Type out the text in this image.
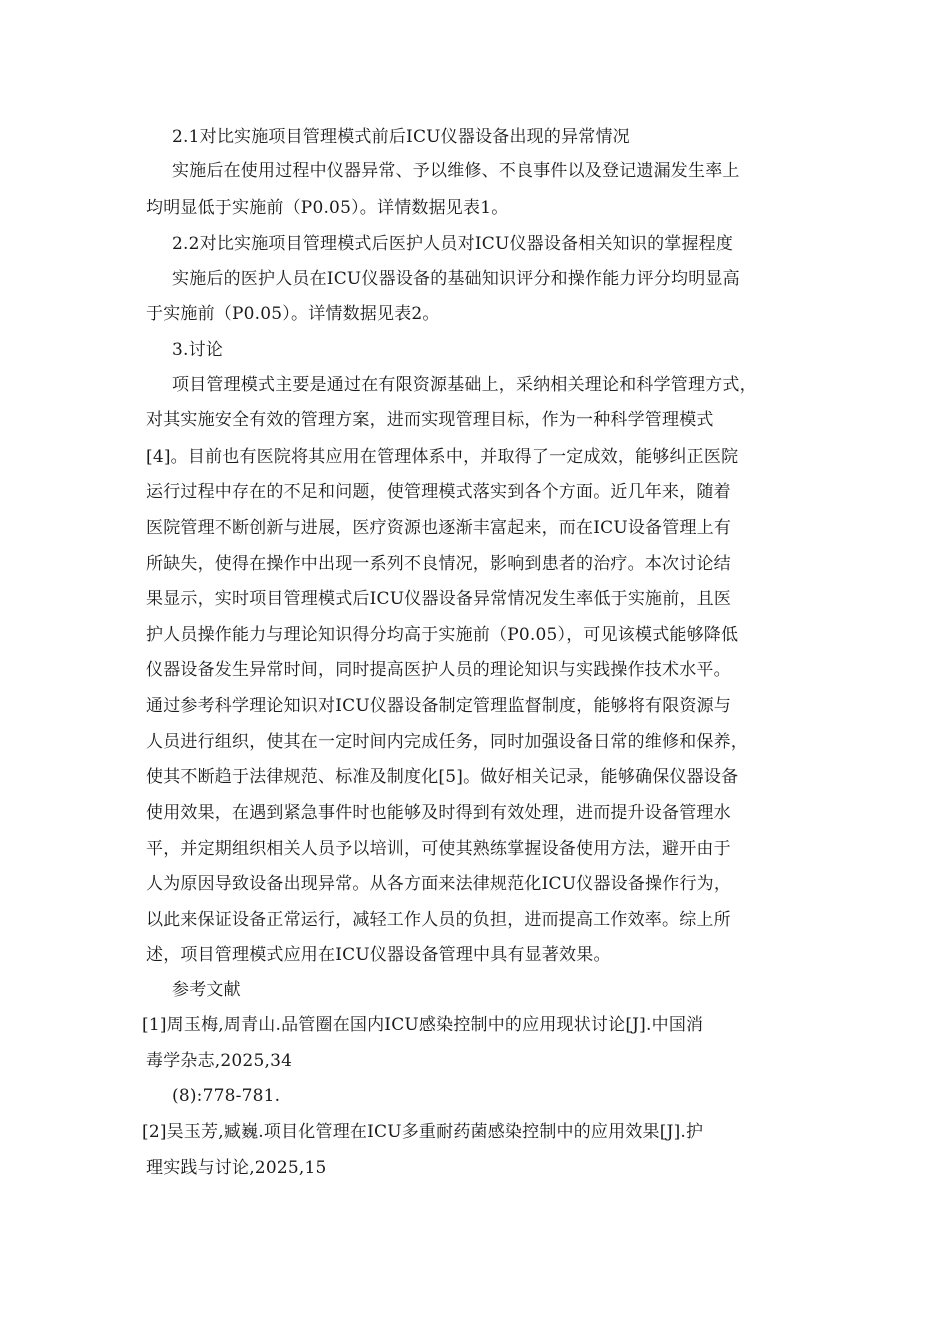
2.1对比实施项目管理模式前后ICU仪器设备出现的异常情况
实施后在使用过程中仪器异常、予以维修、不良事件以及登记遗漏发生率上
均明显低于实施前（P0.05）。详情数据见表1。
2.2对比实施项目管理模式后医护人员对ICU仪器设备相关知识的掌握程度
实施后的医护人员在ICU仪器设备的基础知识评分和操作能力评分均明显高
于实施前（P0.05）。详情数据见表2。
3.讨论
项目管理模式主要是通过在有限资源基础上，采纳相关理论和科学管理方式，
对其实施安全有效的管理方案，进而实现管理目标，作为一种科学管理模式
[4]。目前也有医院将其应用在管理体系中，并取得了一定成效，能够纠正医院
运行过程中存在的不足和问题，使管理模式落实到各个方面。近几年来，随着
医院管理不断创新与进展，医疗资源也逐渐丰富起来，而在ICU设备管理上有
所缺失，使得在操作中出现一系列不良情况，影响到患者的治疗。本次讨论结
果显示，实时项目管理模式后ICU仪器设备异常情况发生率低于实施前，且医
护人员操作能力与理论知识得分均高于实施前（P0.05），可见该模式能够降低
仪器设备发生异常时间，同时提高医护人员的理论知识与实践操作技术水平。
通过参考科学理论知识对ICU仪器设备制定管理监督制度，能够将有限资源与
人员进行组织，使其在一定时间内完成任务，同时加强设备日常的维修和保养，
使其不断趋于法律规范、标准及制度化[5]。做好相关记录，能够确保仪器设备
使用效果，在遇到紧急事件时也能够及时得到有效处理，进而提升设备管理水
平，并定期组织相关人员予以培训，可使其熟练掌握设备使用方法，避开由于
人为原因导致设备出现异常。从各方面来法律规范化ICU仪器设备操作行为，
以此来保证设备正常运行，减轻工作人员的负担，进而提高工作效率。综上所
述，项目管理模式应用在ICU仪器设备管理中具有显著效果。
参考文献
[1]周玉梅,周青山.品管圈在国内ICU感染控制中的应用现状讨论[J].中国消
毒学杂志,2025,34
(8):778-781.
[2]吴玉芳,臧巍.项目化管理在ICU多重耐药菌感染控制中的应用效果[J].护
理实践与讨论,2025,15
